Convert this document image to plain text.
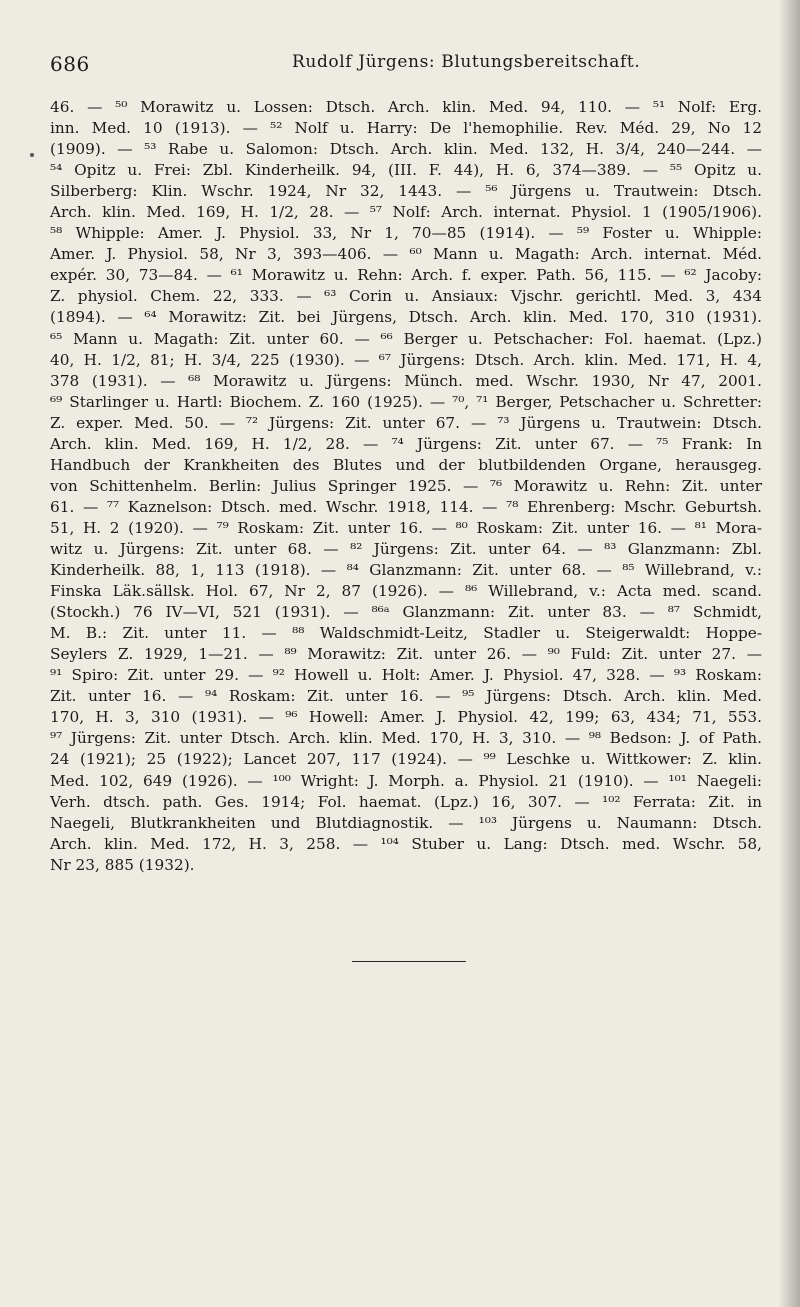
686	Rudolf Jürgens: Blutungsbereitschaft.
46. — ⁵⁰ Morawitz u. Lossen: Dtsch. Arch. klin. Med. 94, 110. — ⁵¹ Nolf: Erg.
inn. Med. 10 (1913). — ⁵² Nolf u. Harry: De l'hemophilie. Rev. Méd. 29, No 12
(1909). — ⁵³ Rabe u. Salomon: Dtsch. Arch. klin. Med. 132, H. 3/4, 240—244. —
⁵⁴ Opitz u. Frei: Zbl. Kinderheilk. 94, (III. F. 44), H. 6, 374—389. — ⁵⁵ Opitz u.
Silberberg: Klin. Wschr. 1924, Nr 32, 1443. — ⁵⁶ Jürgens u. Trautwein: Dtsch.
Arch. klin. Med. 169, H. 1/2, 28. — ⁵⁷ Nolf: Arch. internat. Physiol. 1 (1905/1906).
⁵⁸ Whipple: Amer. J. Physiol. 33, Nr 1, 70—85 (1914). — ⁵⁹ Foster u. Whipple:
Amer. J. Physiol. 58, Nr 3, 393—406. — ⁶⁰ Mann u. Magath: Arch. internat. Méd.
expér. 30, 73—84. — ⁶¹ Morawitz u. Rehn: Arch. f. exper. Path. 56, 115. — ⁶² Jacoby:
Z. physiol. Chem. 22, 333. — ⁶³ Corin u. Ansiaux: Vjschr. gerichtl. Med. 3, 434
(1894). — ⁶⁴ Morawitz: Zit. bei Jürgens, Dtsch. Arch. klin. Med. 170, 310 (1931).
⁶⁵ Mann u. Magath: Zit. unter 60. — ⁶⁶ Berger u. Petschacher: Fol. haemat. (Lpz.)
40, H. 1/2, 81; H. 3/4, 225 (1930). — ⁶⁷ Jürgens: Dtsch. Arch. klin. Med. 171, H. 4,
378 (1931). — ⁶⁸ Morawitz u. Jürgens: Münch. med. Wschr. 1930, Nr 47, 2001.
⁶⁹ Starlinger u. Hartl: Biochem. Z. 160 (1925). — ⁷⁰, ⁷¹ Berger, Petschacher u. Schretter:
Z. exper. Med. 50. — ⁷² Jürgens: Zit. unter 67. — ⁷³ Jürgens u. Trautwein: Dtsch.
Arch. klin. Med. 169, H. 1/2, 28. — ⁷⁴ Jürgens: Zit. unter 67. — ⁷⁵ Frank: In
Handbuch der Krankheiten des Blutes und der blutbildenden Organe, herausgeg.
von Schittenhelm. Berlin: Julius Springer 1925. — ⁷⁶ Morawitz u. Rehn: Zit. unter
61. — ⁷⁷ Kaznelson: Dtsch. med. Wschr. 1918, 114. — ⁷⁸ Ehrenberg: Mschr. Geburtsh.
51, H. 2 (1920). — ⁷⁹ Roskam: Zit. unter 16. — ⁸⁰ Roskam: Zit. unter 16. — ⁸¹ Mora-
witz u. Jürgens: Zit. unter 68. — ⁸² Jürgens: Zit. unter 64. — ⁸³ Glanzmann: Zbl.
Kinderheilk. 88, 1, 113 (1918). — ⁸⁴ Glanzmann: Zit. unter 68. — ⁸⁵ Willebrand, v.:
Finska Läk.sällsk. Hol. 67, Nr 2, 87 (1926). — ⁸⁶ Willebrand, v.: Acta med. scand.
(Stockh.) 76 IV—VI, 521 (1931). — ⁸⁶ᵃ Glanzmann: Zit. unter 83. — ⁸⁷ Schmidt,
M. B.: Zit. unter 11. — ⁸⁸ Waldschmidt-Leitz, Stadler u. Steigerwaldt: Hoppe-
Seylers Z. 1929, 1—21. — ⁸⁹ Morawitz: Zit. unter 26. — ⁹⁰ Fuld: Zit. unter 27. —
⁹¹ Spiro: Zit. unter 29. — ⁹² Howell u. Holt: Amer. J. Physiol. 47, 328. — ⁹³ Roskam:
Zit. unter 16. — ⁹⁴ Roskam: Zit. unter 16. — ⁹⁵ Jürgens: Dtsch. Arch. klin. Med.
170, H. 3, 310 (1931). — ⁹⁶ Howell: Amer. J. Physiol. 42, 199; 63, 434; 71, 553.
⁹⁷ Jürgens: Zit. unter Dtsch. Arch. klin. Med. 170, H. 3, 310. — ⁹⁸ Bedson: J. of Path.
24 (1921); 25 (1922); Lancet 207, 117 (1924). — ⁹⁹ Leschke u. Wittkower: Z. klin.
Med. 102, 649 (1926). — ¹⁰⁰ Wright: J. Morph. a. Physiol. 21 (1910). — ¹⁰¹ Naegeli:
Verh. dtsch. path. Ges. 1914; Fol. haemat. (Lpz.) 16, 307. — ¹⁰² Ferrata: Zit. in
Naegeli, Blutkrankheiten und Blutdiagnostik. — ¹⁰³ Jürgens u. Naumann: Dtsch.
Arch. klin. Med. 172, H. 3, 258. — ¹⁰⁴ Stuber u. Lang: Dtsch. med. Wschr. 58,
Nr 23, 885 (1932).
